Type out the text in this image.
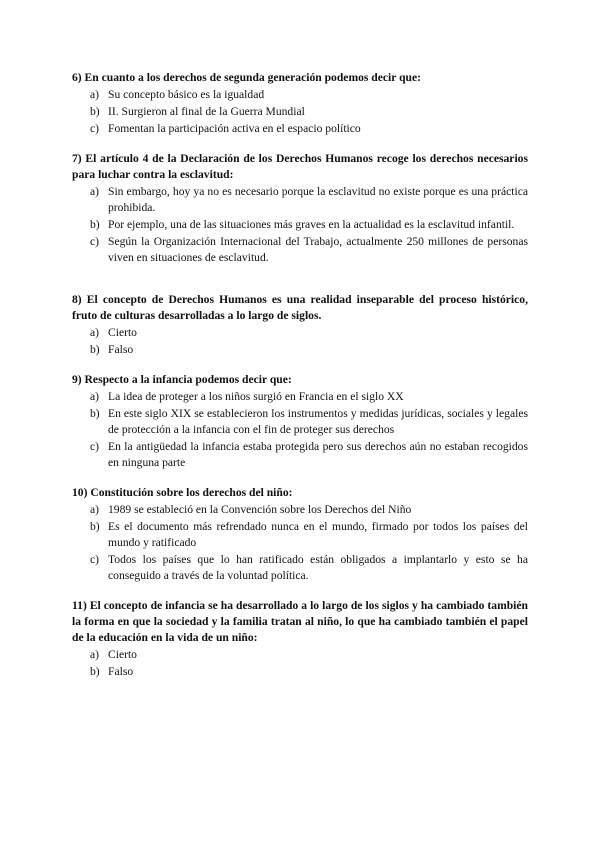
6) En cuanto a los derechos de segunda generación podemos decir que:
a) Su concepto básico es la igualdad
b) II. Surgieron al final de la Guerra Mundial
c) Fomentan la participación activa en el espacio político
7) El artículo 4 de la Declaración de los Derechos Humanos recoge los derechos necesarios para luchar contra la esclavitud:
a) Sin embargo, hoy ya no es necesario porque la esclavitud no existe porque es una práctica prohibida.
b) Por ejemplo, una de las situaciones más graves en la actualidad es la esclavitud infantil.
c) Según la Organización Internacional del Trabajo, actualmente 250 millones de personas viven en situaciones de esclavitud.
8) El concepto de Derechos Humanos es una realidad inseparable del proceso histórico, fruto de culturas desarrolladas a lo largo de siglos.
a) Cierto
b) Falso
9) Respecto a la infancia podemos decir que:
a) La idea de proteger a los niños surgió en Francia en el siglo XX
b) En este siglo XIX se establecieron los instrumentos y medidas jurídicas, sociales y legales de protección a la infancia con el fin de proteger sus derechos
c) En la antigüedad la infancia estaba protegida pero sus derechos aún no estaban recogidos en ninguna parte
10) Constitución sobre los derechos del niño:
a) 1989 se estableció en la Convención sobre los Derechos del Niño
b) Es el documento más refrendado nunca en el mundo, firmado por todos los países del mundo y ratificado
c) Todos los países que lo han ratificado están obligados a implantarlo y esto se ha conseguido a través de la voluntad política.
11) El concepto de infancia se ha desarrollado a lo largo de los siglos y ha cambiado también la forma en que la sociedad y la familia tratan al niño, lo que ha cambiado también el papel de la educación en la vida de un niño:
a) Cierto
b) Falso
